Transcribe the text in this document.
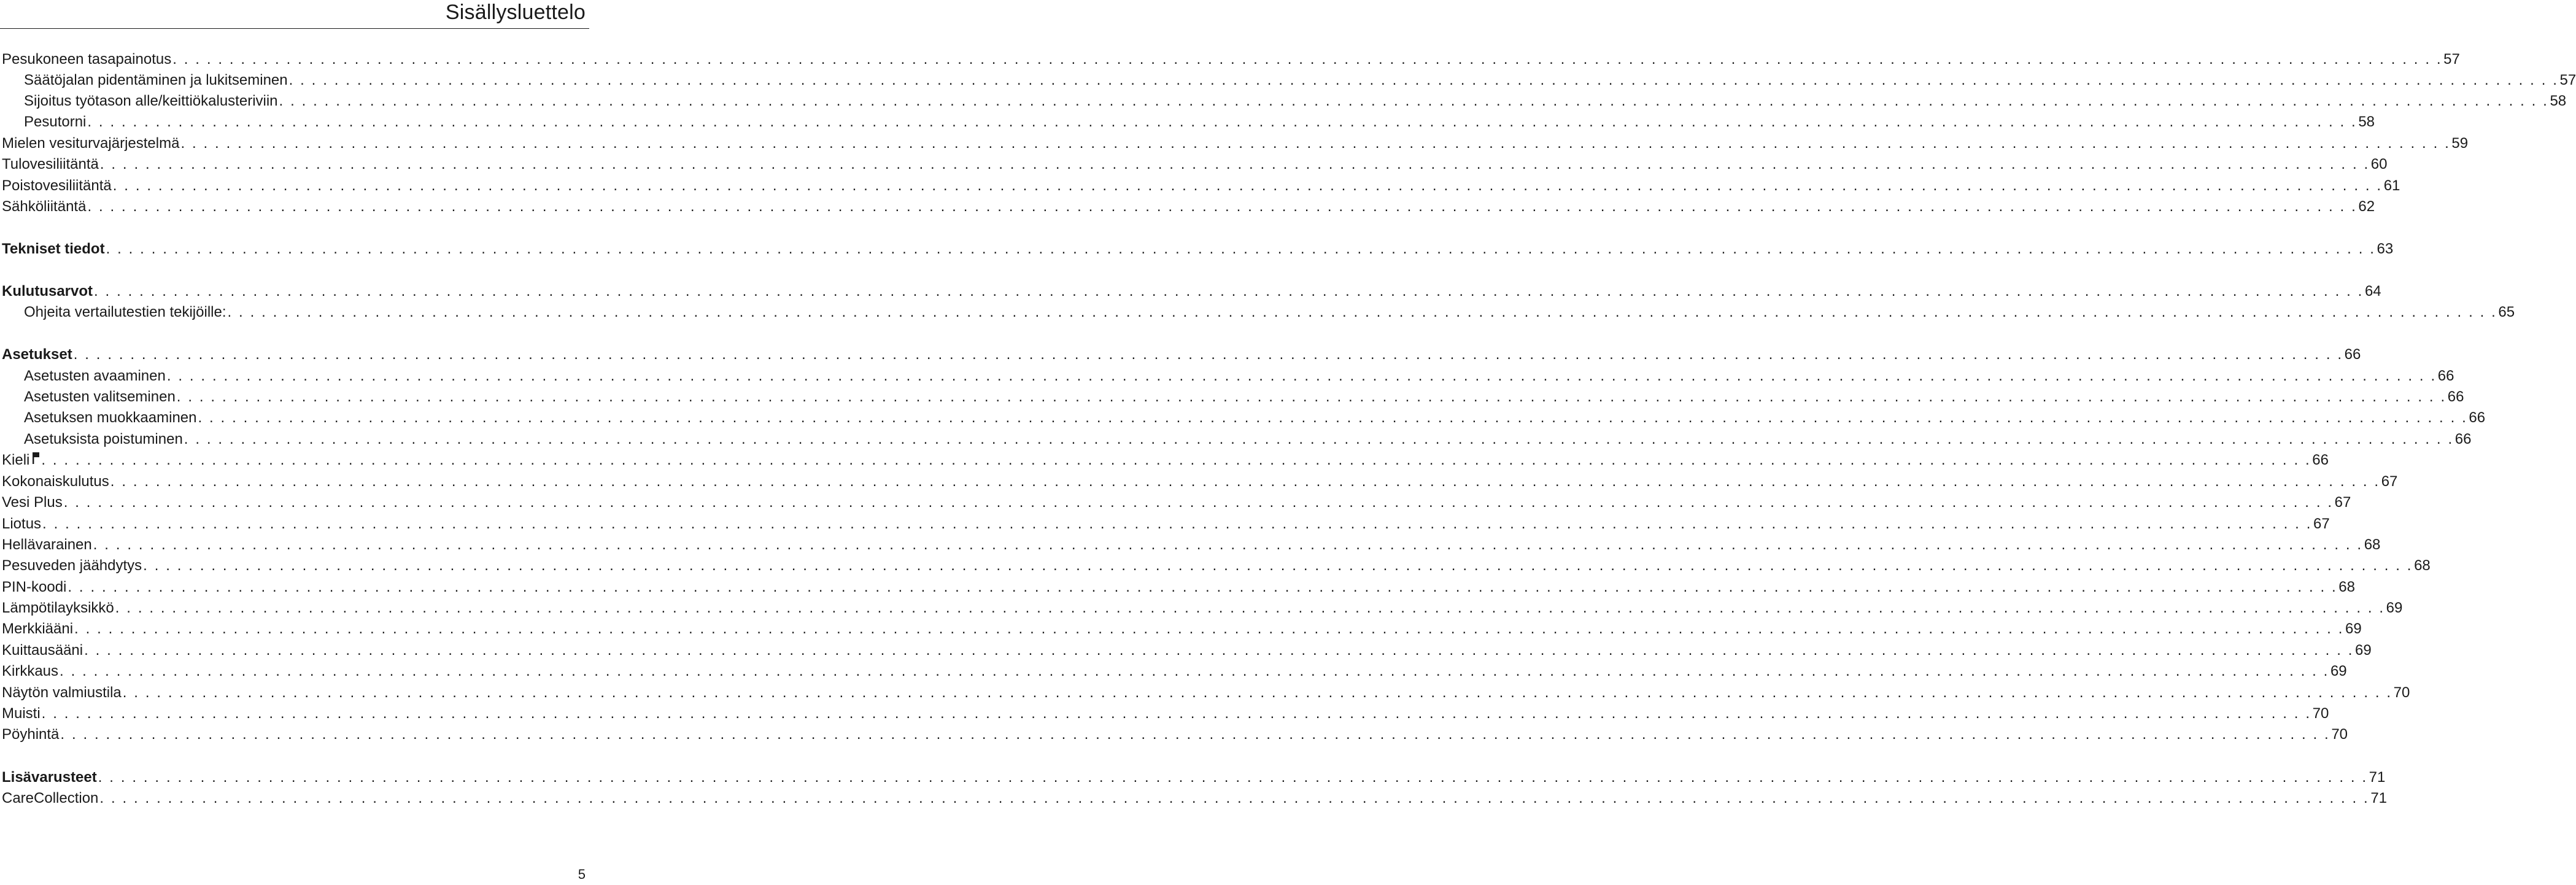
Sisällysluettelo
Pesukoneen tasapainotus . . . . . . . . . . . . . . . . . . . . . . . . . . . . . . . . . . . . . . . . . . . . . . . . . . . . . . . . . . . . . . . . . . . . . . . . . . . . . . . . . . . . . . . . . . . . . . . . . . . . . . . . . . . . . . . . . . . . . . . . . . . . . . . . . . . . . . . . . . . . . . . . . . . . . . . . . . . . . . . . . . . . . . . . . . . . . . . . . . . . . . . . . . . . . . . . . . . . . . . . 57
Säätöjalan pidentäminen ja lukitseminen . . . . . . . . . . . . . . . . . . . . . . . . . . . . . . . . . . . . . . . . . . . . . . . . . . . . . . . . . . . . . . . . . . . . . . . . . . . . . . . . . . . . . . . . . . . . . . . . . . . . . . . . . . . . . . . . . . . . . . . . . . . . . . . . . . . . . . . . . . . . . . . . . . . . . . . . . . . . . . . . . . . . . . . . . . . . . . . . . . . . . . . . . . . . . . . . . . . . . . . . 57
Sijoitus työtason alle/keittiökalusteriviin . . . . . . . . . . . . . . . . . . . . . . . . . . . . . . . . . . . . . . . . . . . . . . . . . . . . . . . . . . . . . . . . . . . . . . . . . . . . . . . . . . . . . . . . . . . . . . . . . . . . . . . . . . . . . . . . . . . . . . . . . . . . . . . . . . . . . . . . . . . . . . . . . . . . . . . . . . . . . . . . . . . . . . . . . . . . . . . . . . . . . . . . . . . . . . . . . . . . . . . . 58
Pesutorni . . . . . . . . . . . . . . . . . . . . . . . . . . . . . . . . . . . . . . . . . . . . . . . . . . . . . . . . . . . . . . . . . . . . . . . . . . . . . . . . . . . . . . . . . . . . . . . . . . . . . . . . . . . . . . . . . . . . . . . . . . . . . . . . . . . . . . . . . . . . . . . . . . . . . . . . . . . . . . . . . . . . . . . . . . . . . . . . . . . . . . . . . . . . . . . . . . . . . . . . 58
Mielen vesiturvajärjestelmä . . . . . . . . . . . . . . . . . . . . . . . . . . . . . . . . . . . . . . . . . . . . . . . . . . . . . . . . . . . . . . . . . . . . . . . . . . . . . . . . . . . . . . . . . . . . . . . . . . . . . . . . . . . . . . . . . . . . . . . . . . . . . . . . . . . . . . . . . . . . . . . . . . . . . . . . . . . . . . . . . . . . . . . . . . . . . . . . . . . . . . . . . . . . . . . . . . . . . . . . 59
Tulovesiliitäntä . . . . . . . . . . . . . . . . . . . . . . . . . . . . . . . . . . . . . . . . . . . . . . . . . . . . . . . . . . . . . . . . . . . . . . . . . . . . . . . . . . . . . . . . . . . . . . . . . . . . . . . . . . . . . . . . . . . . . . . . . . . . . . . . . . . . . . . . . . . . . . . . . . . . . . . . . . . . . . . . . . . . . . . . . . . . . . . . . . . . . . . . . . . . . . . . . . . . . . . . 60
Poistovesiliitäntä . . . . . . . . . . . . . . . . . . . . . . . . . . . . . . . . . . . . . . . . . . . . . . . . . . . . . . . . . . . . . . . . . . . . . . . . . . . . . . . . . . . . . . . . . . . . . . . . . . . . . . . . . . . . . . . . . . . . . . . . . . . . . . . . . . . . . . . . . . . . . . . . . . . . . . . . . . . . . . . . . . . . . . . . . . . . . . . . . . . . . . . . . . . . . . . . . . . . . . . . 61
Sähköliitäntä . . . . . . . . . . . . . . . . . . . . . . . . . . . . . . . . . . . . . . . . . . . . . . . . . . . . . . . . . . . . . . . . . . . . . . . . . . . . . . . . . . . . . . . . . . . . . . . . . . . . . . . . . . . . . . . . . . . . . . . . . . . . . . . . . . . . . . . . . . . . . . . . . . . . . . . . . . . . . . . . . . . . . . . . . . . . . . . . . . . . . . . . . . . . . . . . . . . . . . . . 62
Tekniset tiedot . . . . . . . . . . . . . . . . . . . . . . . . . . . . . . . . . . . . . . . . . . . . . . . . . . . . . . . . . . . . . . . . . . . . . . . . . . . . . . . . . . . . . . . . . . . . . . . . . . . . . . . . . . . . . . . . . . . . . . . . . . . . . . . . . . . . . . . . . . . . . . . . . . . . . . . . . . . . . . . . . . . . . . . . . . . . . . . . . . . . . . . . . . . . . . . . . . . . . . . . 63
Kulutusarvot . . . . . . . . . . . . . . . . . . . . . . . . . . . . . . . . . . . . . . . . . . . . . . . . . . . . . . . . . . . . . . . . . . . . . . . . . . . . . . . . . . . . . . . . . . . . . . . . . . . . . . . . . . . . . . . . . . . . . . . . . . . . . . . . . . . . . . . . . . . . . . . . . . . . . . . . . . . . . . . . . . . . . . . . . . . . . . . . . . . . . . . . . . . . . . . . . . . . . . . . 64
Ohjeita vertailutestien tekijöille: . . . . . . . . . . . . . . . . . . . . . . . . . . . . . . . . . . . . . . . . . . . . . . . . . . . . . . . . . . . . . . . . . . . . . . . . . . . . . . . . . . . . . . . . . . . . . . . . . . . . . . . . . . . . . . . . . . . . . . . . . . . . . . . . . . . . . . . . . . . . . . . . . . . . . . . . . . . . . . . . . . . . . . . . . . . . . . . . . . . . . . . . . . . . . . . . . . . . . . . . 65
Asetukset . . . . . . . . . . . . . . . . . . . . . . . . . . . . . . . . . . . . . . . . . . . . . . . . . . . . . . . . . . . . . . . . . . . . . . . . . . . . . . . . . . . . . . . . . . . . . . . . . . . . . . . . . . . . . . . . . . . . . . . . . . . . . . . . . . . . . . . . . . . . . . . . . . . . . . . . . . . . . . . . . . . . . . . . . . . . . . . . . . . . . . . . . . . . . . . . . . . . . . . . 66
Asetusten avaaminen . . . . . . . . . . . . . . . . . . . . . . . . . . . . . . . . . . . . . . . . . . . . . . . . . . . . . . . . . . . . . . . . . . . . . . . . . . . . . . . . . . . . . . . . . . . . . . . . . . . . . . . . . . . . . . . . . . . . . . . . . . . . . . . . . . . . . . . . . . . . . . . . . . . . . . . . . . . . . . . . . . . . . . . . . . . . . . . . . . . . . . . . . . . . . . . . . . . . . . . . 66
Asetusten valitseminen . . . . . . . . . . . . . . . . . . . . . . . . . . . . . . . . . . . . . . . . . . . . . . . . . . . . . . . . . . . . . . . . . . . . . . . . . . . . . . . . . . . . . . . . . . . . . . . . . . . . . . . . . . . . . . . . . . . . . . . . . . . . . . . . . . . . . . . . . . . . . . . . . . . . . . . . . . . . . . . . . . . . . . . . . . . . . . . . . . . . . . . . . . . . . . . . . . . . . . . . 66
Asetuksen muokkaaminen . . . . . . . . . . . . . . . . . . . . . . . . . . . . . . . . . . . . . . . . . . . . . . . . . . . . . . . . . . . . . . . . . . . . . . . . . . . . . . . . . . . . . . . . . . . . . . . . . . . . . . . . . . . . . . . . . . . . . . . . . . . . . . . . . . . . . . . . . . . . . . . . . . . . . . . . . . . . . . . . . . . . . . . . . . . . . . . . . . . . . . . . . . . . . . . . . . . . . . . . 66
Asetuksista poistuminen . . . . . . . . . . . . . . . . . . . . . . . . . . . . . . . . . . . . . . . . . . . . . . . . . . . . . . . . . . . . . . . . . . . . . . . . . . . . . . . . . . . . . . . . . . . . . . . . . . . . . . . . . . . . . . . . . . . . . . . . . . . . . . . . . . . . . . . . . . . . . . . . . . . . . . . . . . . . . . . . . . . . . . . . . . . . . . . . . . . . . . . . . . . . . . . . . . . . . . . . 66
Kieli . . . . . . . . . . . . . . . . . . . . . . . . . . . . . . . . . . . . . . . . . . . . . . . . . . . . . . . . . . . . . . . . . . . . . . . . . . . . . . . . . . . . . . . . . . . . . . . . . . . . . . . . . . . . . . . . . . . . . . . . . . . . . . . . . . . . . . . . . . . . . . . . . . . . . . . . . . . . . . . . . . . . . . . . . . . . . . . . . . . . . . . . . . . . . . . . . . . . . . . . 66
Kokonaiskulutus . . . . . . . . . . . . . . . . . . . . . . . . . . . . . . . . . . . . . . . . . . . . . . . . . . . . . . . . . . . . . . . . . . . . . . . . . . . . . . . . . . . . . . . . . . . . . . . . . . . . . . . . . . . . . . . . . . . . . . . . . . . . . . . . . . . . . . . . . . . . . . . . . . . . . . . . . . . . . . . . . . . . . . . . . . . . . . . . . . . . . . . . . . . . . . . . . . . . . . . . 67
Vesi Plus . . . . . . . . . . . . . . . . . . . . . . . . . . . . . . . . . . . . . . . . . . . . . . . . . . . . . . . . . . . . . . . . . . . . . . . . . . . . . . . . . . . . . . . . . . . . . . . . . . . . . . . . . . . . . . . . . . . . . . . . . . . . . . . . . . . . . . . . . . . . . . . . . . . . . . . . . . . . . . . . . . . . . . . . . . . . . . . . . . . . . . . . . . . . . . . . . . . . . . . . 67
Liotus . . . . . . . . . . . . . . . . . . . . . . . . . . . . . . . . . . . . . . . . . . . . . . . . . . . . . . . . . . . . . . . . . . . . . . . . . . . . . . . . . . . . . . . . . . . . . . . . . . . . . . . . . . . . . . . . . . . . . . . . . . . . . . . . . . . . . . . . . . . . . . . . . . . . . . . . . . . . . . . . . . . . . . . . . . . . . . . . . . . . . . . . . . . . . . . . . . . . . . . . 67
Hellävarainen . . . . . . . . . . . . . . . . . . . . . . . . . . . . . . . . . . . . . . . . . . . . . . . . . . . . . . . . . . . . . . . . . . . . . . . . . . . . . . . . . . . . . . . . . . . . . . . . . . . . . . . . . . . . . . . . . . . . . . . . . . . . . . . . . . . . . . . . . . . . . . . . . . . . . . . . . . . . . . . . . . . . . . . . . . . . . . . . . . . . . . . . . . . . . . . . . . . . . . . . 68
Pesuveden jäähdytys . . . . . . . . . . . . . . . . . . . . . . . . . . . . . . . . . . . . . . . . . . . . . . . . . . . . . . . . . . . . . . . . . . . . . . . . . . . . . . . . . . . . . . . . . . . . . . . . . . . . . . . . . . . . . . . . . . . . . . . . . . . . . . . . . . . . . . . . . . . . . . . . . . . . . . . . . . . . . . . . . . . . . . . . . . . . . . . . . . . . . . . . . . . . . . . . . . . . . . . . 68
PIN-koodi . . . . . . . . . . . . . . . . . . . . . . . . . . . . . . . . . . . . . . . . . . . . . . . . . . . . . . . . . . . . . . . . . . . . . . . . . . . . . . . . . . . . . . . . . . . . . . . . . . . . . . . . . . . . . . . . . . . . . . . . . . . . . . . . . . . . . . . . . . . . . . . . . . . . . . . . . . . . . . . . . . . . . . . . . . . . . . . . . . . . . . . . . . . . . . . . . . . . . . . . 68
Lämpötilayksikkö . . . . . . . . . . . . . . . . . . . . . . . . . . . . . . . . . . . . . . . . . . . . . . . . . . . . . . . . . . . . . . . . . . . . . . . . . . . . . . . . . . . . . . . . . . . . . . . . . . . . . . . . . . . . . . . . . . . . . . . . . . . . . . . . . . . . . . . . . . . . . . . . . . . . . . . . . . . . . . . . . . . . . . . . . . . . . . . . . . . . . . . . . . . . . . . . . . . . . . . . 69
Merkkiääni . . . . . . . . . . . . . . . . . . . . . . . . . . . . . . . . . . . . . . . . . . . . . . . . . . . . . . . . . . . . . . . . . . . . . . . . . . . . . . . . . . . . . . . . . . . . . . . . . . . . . . . . . . . . . . . . . . . . . . . . . . . . . . . . . . . . . . . . . . . . . . . . . . . . . . . . . . . . . . . . . . . . . . . . . . . . . . . . . . . . . . . . . . . . . . . . . . . . . . . . 69
Kuittausääni . . . . . . . . . . . . . . . . . . . . . . . . . . . . . . . . . . . . . . . . . . . . . . . . . . . . . . . . . . . . . . . . . . . . . . . . . . . . . . . . . . . . . . . . . . . . . . . . . . . . . . . . . . . . . . . . . . . . . . . . . . . . . . . . . . . . . . . . . . . . . . . . . . . . . . . . . . . . . . . . . . . . . . . . . . . . . . . . . . . . . . . . . . . . . . . . . . . . . . . . 69
Kirkkaus . . . . . . . . . . . . . . . . . . . . . . . . . . . . . . . . . . . . . . . . . . . . . . . . . . . . . . . . . . . . . . . . . . . . . . . . . . . . . . . . . . . . . . . . . . . . . . . . . . . . . . . . . . . . . . . . . . . . . . . . . . . . . . . . . . . . . . . . . . . . . . . . . . . . . . . . . . . . . . . . . . . . . . . . . . . . . . . . . . . . . . . . . . . . . . . . . . . . . . . . 69
Näytön valmiustila . . . . . . . . . . . . . . . . . . . . . . . . . . . . . . . . . . . . . . . . . . . . . . . . . . . . . . . . . . . . . . . . . . . . . . . . . . . . . . . . . . . . . . . . . . . . . . . . . . . . . . . . . . . . . . . . . . . . . . . . . . . . . . . . . . . . . . . . . . . . . . . . . . . . . . . . . . . . . . . . . . . . . . . . . . . . . . . . . . . . . . . . . . . . . . . . . . . . . . . . 70
Muisti . . . . . . . . . . . . . . . . . . . . . . . . . . . . . . . . . . . . . . . . . . . . . . . . . . . . . . . . . . . . . . . . . . . . . . . . . . . . . . . . . . . . . . . . . . . . . . . . . . . . . . . . . . . . . . . . . . . . . . . . . . . . . . . . . . . . . . . . . . . . . . . . . . . . . . . . . . . . . . . . . . . . . . . . . . . . . . . . . . . . . . . . . . . . . . . . . . . . . . . . 70
Pöyhintä . . . . . . . . . . . . . . . . . . . . . . . . . . . . . . . . . . . . . . . . . . . . . . . . . . . . . . . . . . . . . . . . . . . . . . . . . . . . . . . . . . . . . . . . . . . . . . . . . . . . . . . . . . . . . . . . . . . . . . . . . . . . . . . . . . . . . . . . . . . . . . . . . . . . . . . . . . . . . . . . . . . . . . . . . . . . . . . . . . . . . . . . . . . . . . . . . . . . . . . . 70
Lisävarusteet . . . . . . . . . . . . . . . . . . . . . . . . . . . . . . . . . . . . . . . . . . . . . . . . . . . . . . . . . . . . . . . . . . . . . . . . . . . . . . . . . . . . . . . . . . . . . . . . . . . . . . . . . . . . . . . . . . . . . . . . . . . . . . . . . . . . . . . . . . . . . . . . . . . . . . . . . . . . . . . . . . . . . . . . . . . . . . . . . . . . . . . . . . . . . . . . . . . . . . . . 71
CareCollection . . . . . . . . . . . . . . . . . . . . . . . . . . . . . . . . . . . . . . . . . . . . . . . . . . . . . . . . . . . . . . . . . . . . . . . . . . . . . . . . . . . . . . . . . . . . . . . . . . . . . . . . . . . . . . . . . . . . . . . . . . . . . . . . . . . . . . . . . . . . . . . . . . . . . . . . . . . . . . . . . . . . . . . . . . . . . . . . . . . . . . . . . . . . . . . . . . . . . . . . 71
5
